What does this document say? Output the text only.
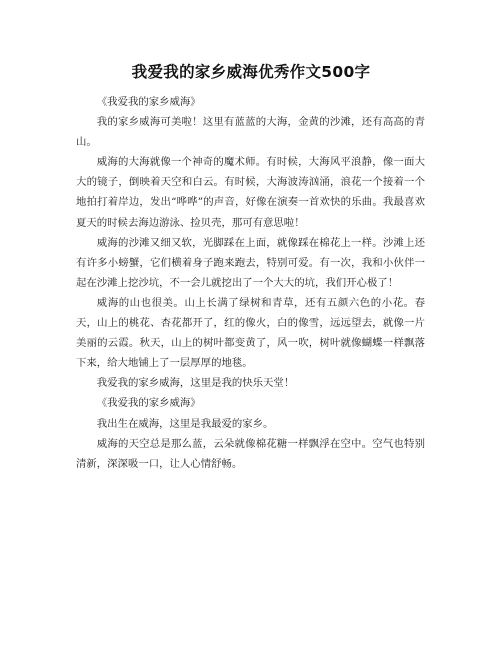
我爱我的家乡威海优秀作文500字

《我爱我的家乡威海》

我的家乡威海可美啦！这里有蓝蓝的大海，金黄的沙滩，还有高高的青山。

威海的大海就像一个神奇的魔术师。有时候，大海风平浪静，像一面大大的镜子，倒映着天空和白云。有时候，大海波涛汹涌，浪花一个接着一个地拍打着岸边，发出“哗哗”的声音，好像在演奏一首欢快的乐曲。我最喜欢夏天的时候去海边游泳、捡贝壳，那可有意思啦！

威海的沙滩又细又软，光脚踩在上面，就像踩在棉花上一样。沙滩上还有许多小螃蟹，它们横着身子跑来跑去，特别可爱。有一次，我和小伙伴一起在沙滩上挖沙坑，不一会儿就挖出了一个大大的坑，我们开心极了！

威海的山也很美。山上长满了绿树和青草，还有五颜六色的小花。春天，山上的桃花、杏花都开了，红的像火，白的像雪，远远望去，就像一片美丽的云霞。秋天，山上的树叶都变黄了，风一吹，树叶就像蝴蝶一样飘落下来，给大地铺上了一层厚厚的地毯。

我爱我的家乡威海，这里是我的快乐天堂！

《我爱我的家乡威海》

我出生在威海，这里是我最爱的家乡。

威海的天空总是那么蓝，云朵就像棉花糖一样飘浮在空中。空气也特别清新，深深吸一口，让人心情舒畅。
